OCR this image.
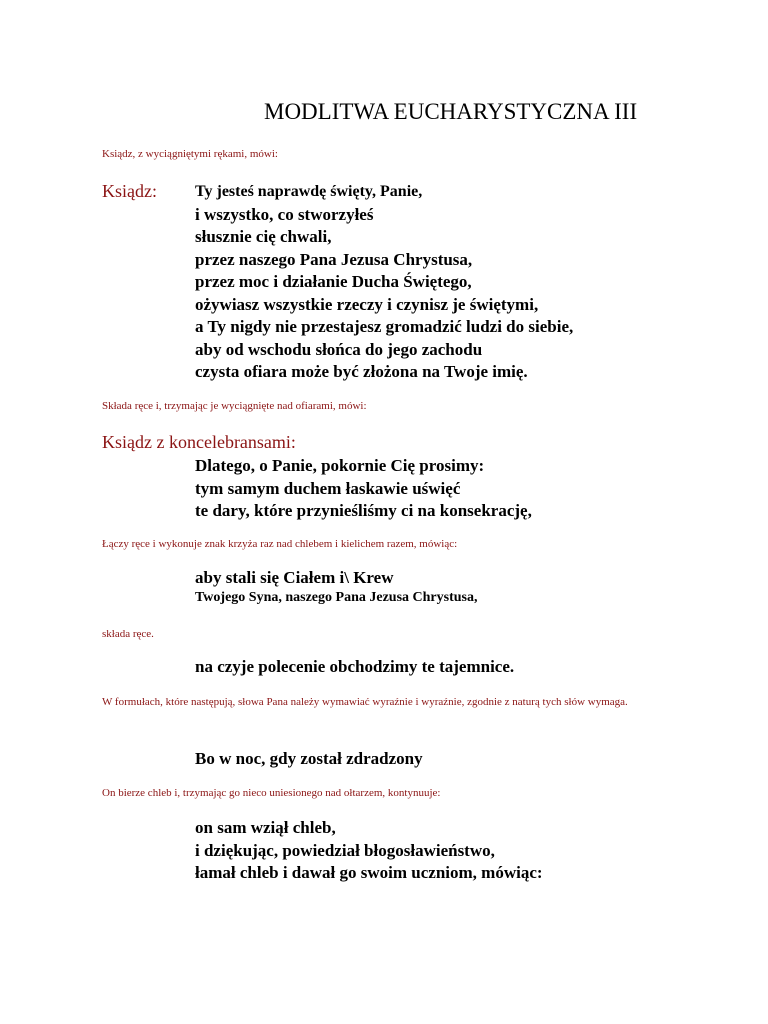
MODLITWA EUCHARYSTYCZNA III
Ksiądz, z wyciągniętymi rękami, mówi:
Ksiądz: Ty jesteś naprawdę święty, Panie,
i wszystko, co stworzyłeś
słusznie cię chwali,
przez naszego Pana Jezusa Chrystusa,
przez moc i działanie Ducha Świętego,
ożywiasz wszystkie rzeczy i czynisz je świętymi,
a Ty nigdy nie przestajesz gromadzić ludzi do siebie,
aby od wschodu słońca do jego zachodu
czysta ofiara może być złożona na Twoje imię.
Składa ręce i, trzymając je wyciągnięte nad ofiarami, mówi:
Ksiądz z koncelebransami:
Dlatego, o Panie, pokornie Cię prosimy:
tym samym duchem łaskawie uświęć
te dary, które przynieśliśmy ci na konsekrację,
Łączy ręce i wykonuje znak krzyża raz nad chlebem i kielichem razem, mówiąc:
aby stali się Ciałem i\ Krew
Twojego Syna, naszego Pana Jezusa Chrystusa,
składa ręce.
na czyje polecenie obchodzimy te tajemnice.
W formułach, które następują, słowa Pana należy wymawiać wyraźnie i wyraźnie, zgodnie z naturą tych słów wymaga.
Bo w noc, gdy został zdradzony
On bierze chleb i, trzymając go nieco uniesionego nad ołtarzem, kontynuuje:
on sam wziął chleb,
i dziękując, powiedział błogosławieństwo,
łamał chleb i dawał go swoim uczniom, mówiąc:
